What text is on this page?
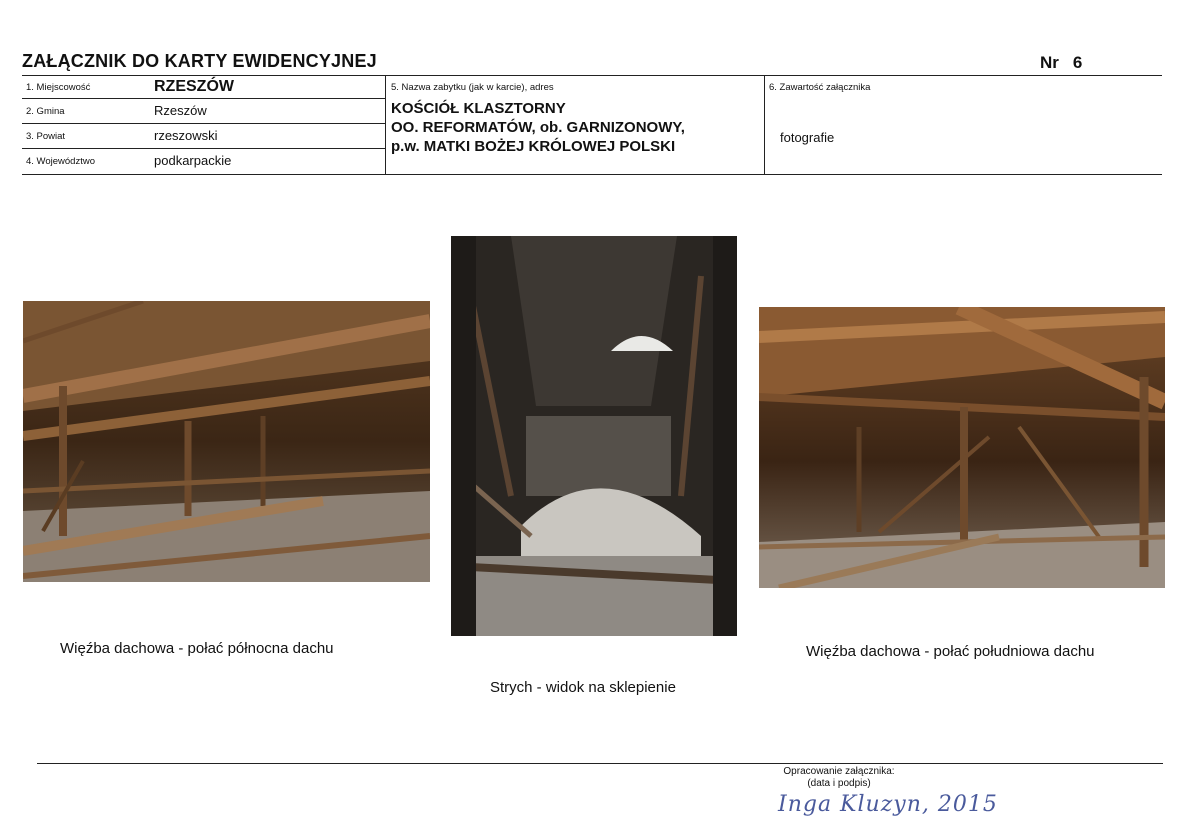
ZAŁĄCZNIK DO KARTY EWIDENCYJNEJ	Nr 6
1. Miejscowość	RZESZÓW
2. Gmina	Rzeszów
3. Powiat	rzeszowski
4. Województwo	podkarpackie
5. Nazwa zabytku (jak w karcie), adres
KOŚCIÓŁ KLASZTORNY
OO. REFORMATÓW, ob. GARNIZONOWY,
p.w. MATKI BOŻEJ KRÓLOWEJ POLSKI
6. Zawartość załącznika
fotografie
Więźba dachowa - połać północna dachu
Strych - widok na sklepienie
Więźba dachowa - połać południowa dachu
Opracowanie załącznika:
(data i podpis)
Inga Kluzyn, 2015
